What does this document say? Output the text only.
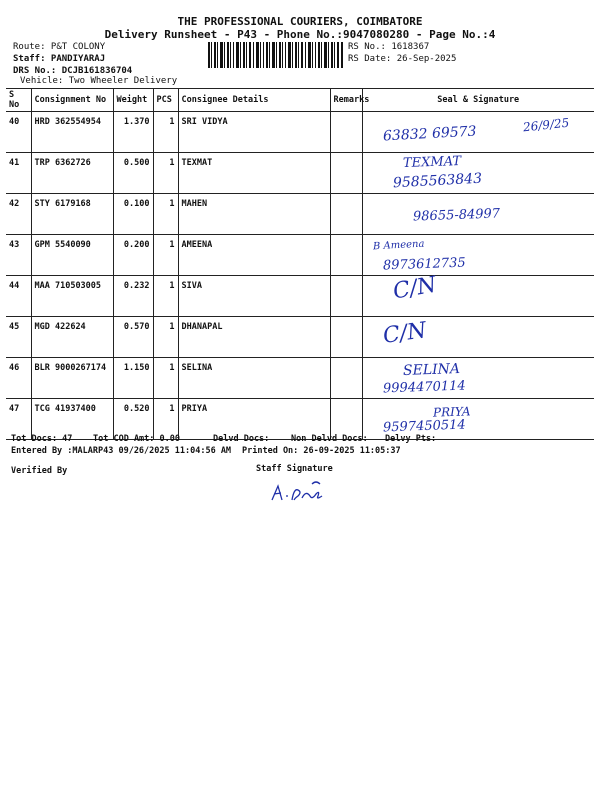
THE PROFESSIONAL COURIERS, COIMBATORE
Delivery Runsheet - P43 - Phone No.:9047080280 - Page No.:4
Route: P&T COLONY
Staff: PANDIYARAJ
DRS No.: DCJB161836704
Vehicle: Two Wheeler Delivery
RS No.: 1618367
RS Date: 26-Sep-2025
S No	Consignment No	Weight	PCS	Consignee Details	Remarks	Seal & Signature
40	HRD 362554954	1.370	1	SRI VIDYA		63832 69573 26/9/25

41	TRP 6362726	0.500	1	TEXMAT		TEXMAT
9585563843

42	STY 6179168	0.100	1	MAHEN		98655-84997

43	GPM 5540090	0.200	1	AMEENA		B Ameena
8973612735

44	MAA 710503005	0.232	1	SIVA		C/N

45	MGD 422624	0.570	1	DHANAPAL		C/N

46	BLR 9000267174	1.150	1	SELINA		SELINA
9994470114

47	TCG 41937400	0.520	1	PRIYA		PRIYA
9597450514
Tot Docs: 47 Tot COD Amt: 0.00	Delvd Docs:	Non Delvd Docs: Delvy Pts:
Entered By :MALARP43 09/26/2025 11:04:56 AM Printed On: 26-09-2025 11:05:37
Verified By	Staff Signature
